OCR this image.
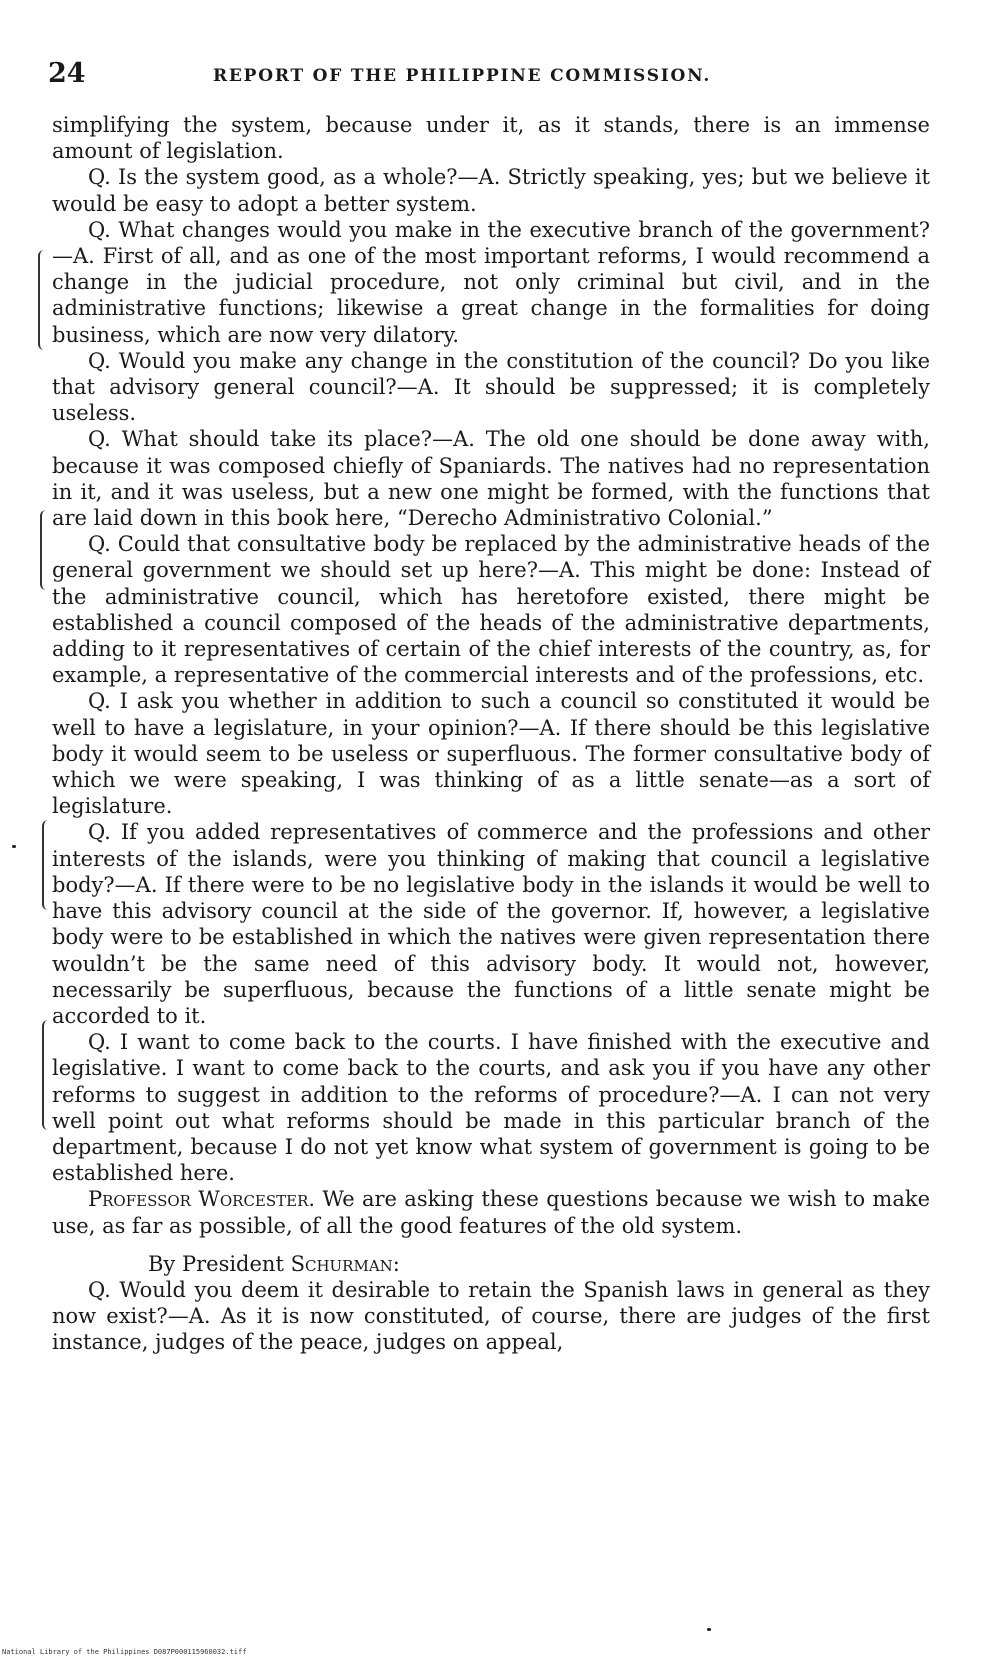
24	REPORT OF THE PHILIPPINE COMMISSION.

simplifying the system, because under it, as it stands, there is an immense amount of legislation.

Q. Is the system good, as a whole?—A. Strictly speaking, yes; but we believe it would be easy to adopt a better system.

Q. What changes would you make in the executive branch of the government?—A. First of all, and as one of the most important reforms, I would recommend a change in the judicial procedure, not only criminal but civil, and in the administrative functions; likewise a great change in the formalities for doing business, which are now very dilatory.

Q. Would you make any change in the constitution of the council? Do you like that advisory general council?—A. It should be suppressed; it is completely useless.

Q. What should take its place?—A. The old one should be done away with, because it was composed chiefly of Spaniards. The natives had no representation in it, and it was useless, but a new one might be formed, with the functions that are laid down in this book here, “Derecho Administrativo Colonial.”

Q. Could that consultative body be replaced by the administrative heads of the general government we should set up here?—A. This might be done: Instead of the administrative council, which has heretofore existed, there might be established a council composed of the heads of the administrative departments, adding to it representatives of certain of the chief interests of the country, as, for example, a representative of the commercial interests and of the professions, etc.

Q. I ask you whether in addition to such a council so constituted it would be well to have a legislature, in your opinion?—A. If there should be this legislative body it would seem to be useless or superfluous. The former consultative body of which we were speaking, I was thinking of as a little senate—as a sort of legislature.

Q. If you added representatives of commerce and the professions and other interests of the islands, were you thinking of making that council a legislative body?—A. If there were to be no legislative body in the islands it would be well to have this advisory council at the side of the governor. If, however, a legislative body were to be established in which the natives were given representation there wouldn’t be the same need of this advisory body. It would not, however, necessarily be superfluous, because the functions of a little senate might be accorded to it.

Q. I want to come back to the courts. I have finished with the executive and legislative. I want to come back to the courts, and ask you if you have any other reforms to suggest in addition to the reforms of procedure?—A. I can not very well point out what reforms should be made in this particular branch of the department, because I do not yet know what system of government is going to be established here.

Professor Worcester. We are asking these questions because we wish to make use, as far as possible, of all the good features of the old system.

By President Schurman:

Q. Would you deem it desirable to retain the Spanish laws in general as they now exist?—A. As it is now constituted, of course, there are judges of the first instance, judges of the peace, judges on appeal,

National Library of the Philippines D087P000115960032.tiff
